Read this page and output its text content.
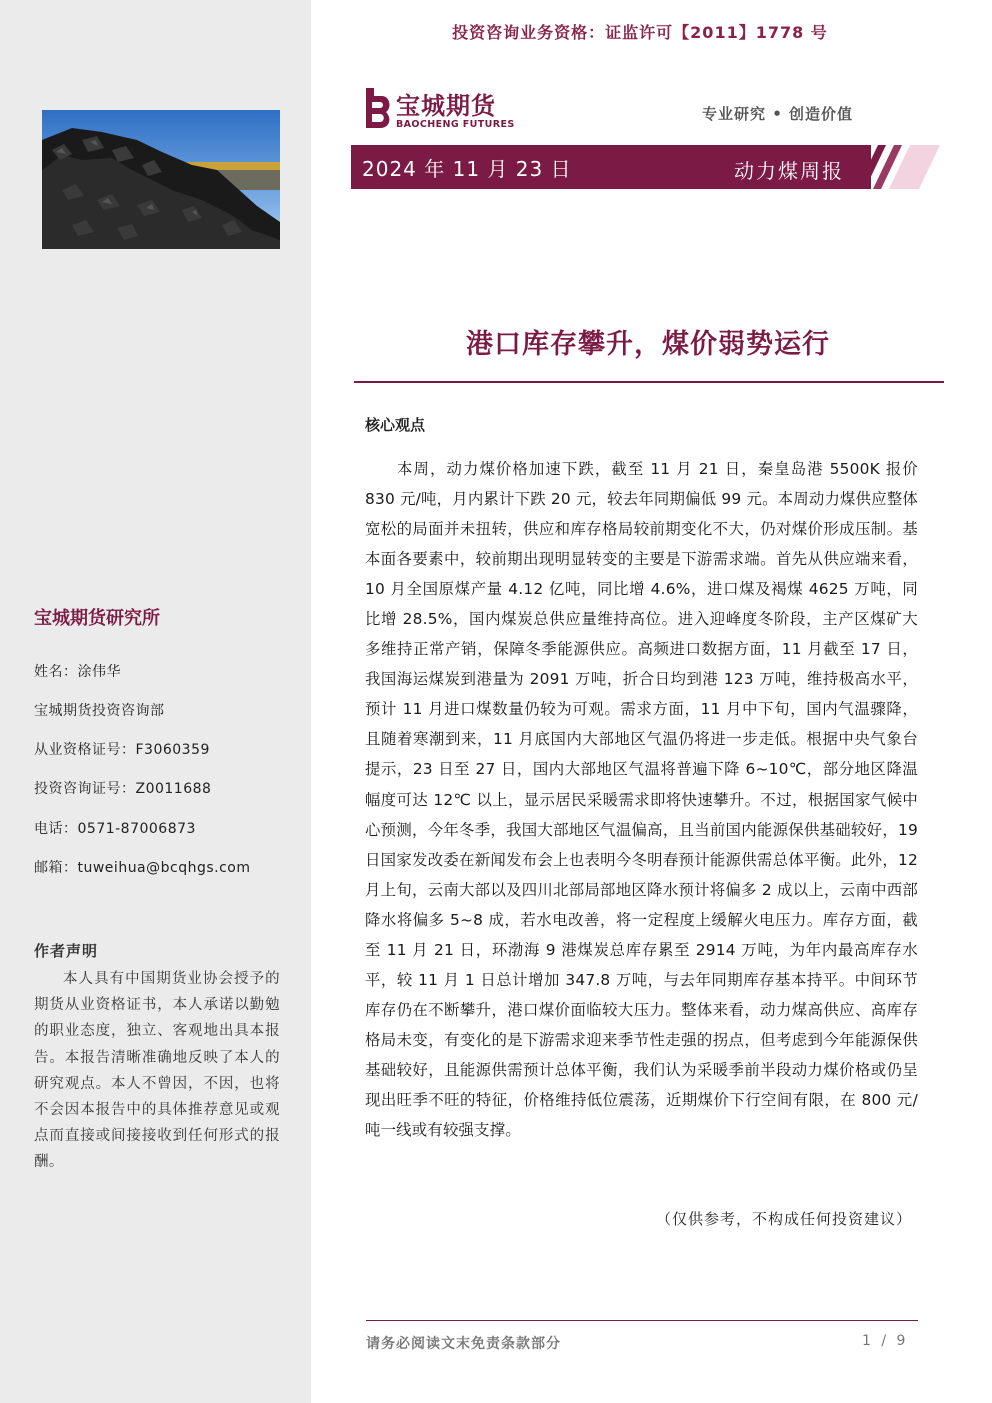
宝城期货研究所
姓名：涂伟华
宝城期货投资咨询部
从业资格证号：F3060359
投资咨询证号：Z0011688
电话：0571-87006873
邮箱：tuweihua@bcqhgs.com
作者声明
本人具有中国期货业协会授予的期货从业资格证书，本人承诺以勤勉的职业态度，独立、客观地出具本报告。本报告清晰准确地反映了本人的研究观点。本人不曾因，不因，也将不会因本报告中的具体推荐意见或观点而直接或间接接收到任何形式的报酬。
投资咨询业务资格：证监许可【2011】1778 号
宝城期货
BAOCHENG FUTURES
专业研究 • 创造价值
2024 年 11 月 23 日	动力煤周报
港口库存攀升，煤价弱势运行
核心观点
本周，动力煤价格加速下跌，截至 11 月 21 日，秦皇岛港 5500K 报价 830 元/吨，月内累计下跌 20 元，较去年同期偏低 99 元。本周动力煤供应整体宽松的局面并未扭转，供应和库存格局较前期变化不大，仍对煤价形成压制。基本面各要素中，较前期出现明显转变的主要是下游需求端。首先从供应端来看，10 月全国原煤产量 4.12 亿吨，同比增 4.6%，进口煤及褐煤 4625 万吨，同比增 28.5%，国内煤炭总供应量维持高位。进入迎峰度冬阶段，主产区煤矿大多维持正常产销，保障冬季能源供应。高频进口数据方面，11 月截至 17 日，我国海运煤炭到港量为 2091 万吨，折合日均到港 123 万吨，维持极高水平，预计 11 月进口煤数量仍较为可观。需求方面，11 月中下旬，国内气温骤降，且随着寒潮到来，11 月底国内大部地区气温仍将进一步走低。根据中央气象台提示，23 日至 27 日，国内大部地区气温将普遍下降 6~10℃，部分地区降温幅度可达 12℃ 以上，显示居民采暖需求即将快速攀升。不过，根据国家气候中心预测，今年冬季，我国大部地区气温偏高，且当前国内能源保供基础较好，19 日国家发改委在新闻发布会上也表明今冬明春预计能源供需总体平衡。此外，12 月上旬，云南大部以及四川北部局部地区降水预计将偏多 2 成以上，云南中西部降水将偏多 5~8 成，若水电改善，将一定程度上缓解火电压力。库存方面，截至 11 月 21 日，环渤海 9 港煤炭总库存累至 2914 万吨，为年内最高库存水平，较 11 月 1 日总计增加 347.8 万吨，与去年同期库存基本持平。中间环节库存仍在不断攀升，港口煤价面临较大压力。整体来看，动力煤高供应、高库存格局未变，有变化的是下游需求迎来季节性走强的拐点，但考虑到今年能源保供基础较好，且能源供需预计总体平衡，我们认为采暖季前半段动力煤价格或仍呈现出旺季不旺的特征，价格维持低位震荡，近期煤价下行空间有限，在 800 元/吨一线或有较强支撑。
（仅供参考，不构成任何投资建议）
请务必阅读文末免责条款部分	1 / 9
